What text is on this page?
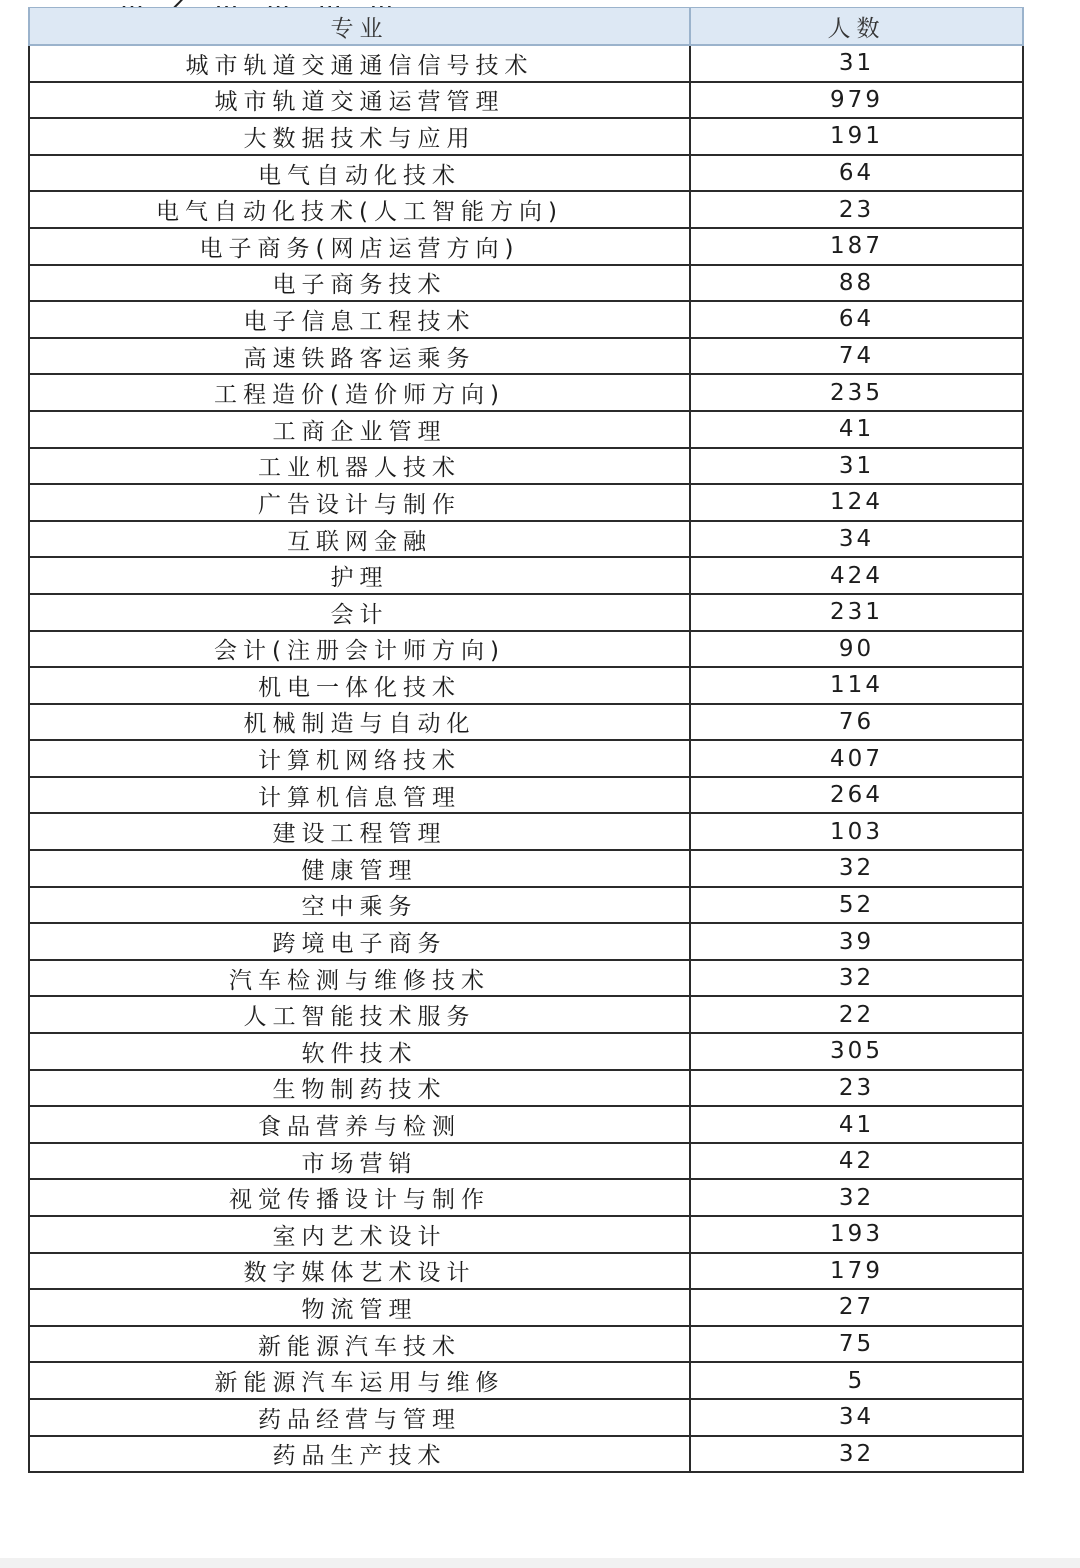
专业	人数
城市轨道交通通信信号技术	31
城市轨道交通运营管理	979
大数据技术与应用	191
电气自动化技术	64
电气自动化技术(人工智能方向)	23
电子商务(网店运营方向)	187
电子商务技术	88
电子信息工程技术	64
高速铁路客运乘务	74
工程造价(造价师方向)	235
工商企业管理	41
工业机器人技术	31
广告设计与制作	124
互联网金融	34
护理	424
会计	231
会计(注册会计师方向)	90
机电一体化技术	114
机械制造与自动化	76
计算机网络技术	407
计算机信息管理	264
建设工程管理	103
健康管理	32
空中乘务	52
跨境电子商务	39
汽车检测与维修技术	32
人工智能技术服务	22
软件技术	305
生物制药技术	23
食品营养与检测	41
市场营销	42
视觉传播设计与制作	32
室内艺术设计	193
数字媒体艺术设计	179
物流管理	27
新能源汽车技术	75
新能源汽车运用与维修	5
药品经营与管理	34
药品生产技术	32
